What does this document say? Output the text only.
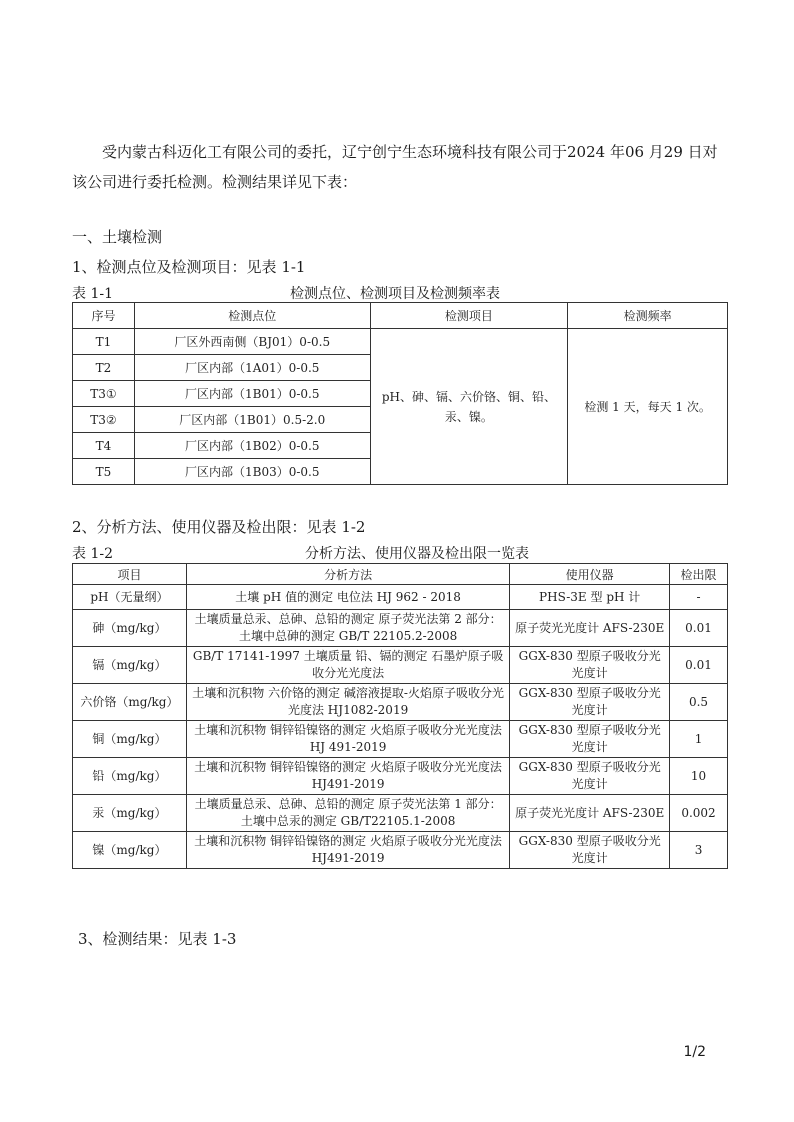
受内蒙古科迈化工有限公司的委托，辽宁创宁生态环境科技有限公司于2024 年06 月29 日对该公司进行委托检测。检测结果详见下表：

一、土壤检测

1、检测点位及检测项目：见表 1-1

表 1-1	检测点位、检测项目及检测频率表

序号	检测点位	检测项目	检测频率
T1	厂区外西南侧（BJ01）0-0.5	pH、砷、镉、六价铬、铜、铅、汞、镍。	检测 1 天，每天 1 次。
T2	厂区内部（1A01）0-0.5		
T3①	厂区内部（1B01）0-0.5		
T3②	厂区内部（1B01）0.5-2.0		
T4	厂区内部（1B02）0-0.5		
T5	厂区内部（1B03）0-0.5		

2、分析方法、使用仪器及检出限：见表 1-2

表 1-2	分析方法、使用仪器及检出限一览表

项目	分析方法	使用仪器	检出限
pH（无量纲）	土壤 pH 值的测定 电位法 HJ 962 - 2018	PHS-3E 型 pH 计	-
砷（mg/kg）	土壤质量总汞、总砷、总铅的测定 原子荧光法第 2 部分：土壤中总砷的测定 GB/T 22105.2-2008	原子荧光光度计 AFS-230E	0.01
镉（mg/kg）	GB/T 17141-1997 土壤质量 铅、镉的测定 石墨炉原子吸收分光光度法	GGX-830 型原子吸收分光光度计	0.01
六价铬（mg/kg）	土壤和沉积物 六价铬的测定 碱溶液提取-火焰原子吸收分光光度法 HJ1082-2019	GGX-830 型原子吸收分光光度计	0.5
铜（mg/kg）	土壤和沉积物 铜锌铅镍铬的测定 火焰原子吸收分光光度法 HJ 491-2019	GGX-830 型原子吸收分光光度计	1
铅（mg/kg）	土壤和沉积物 铜锌铅镍铬的测定 火焰原子吸收分光光度法 HJ491-2019	GGX-830 型原子吸收分光光度计	10
汞（mg/kg）	土壤质量总汞、总砷、总铅的测定 原子荧光法第 1 部分：土壤中总汞的测定 GB/T22105.1-2008	原子荧光光度计 AFS-230E	0.002
镍（mg/kg）	土壤和沉积物 铜锌铅镍铬的测定 火焰原子吸收分光光度法 HJ491-2019	GGX-830 型原子吸收分光光度计	3

3、检测结果：见表 1-3

1/2
